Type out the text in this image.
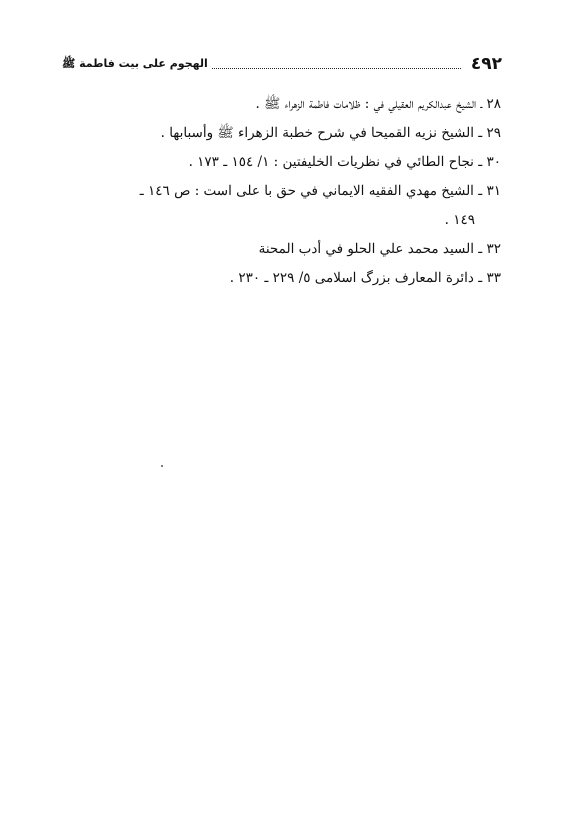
٤٩٢
الهجوم على بيت فاطمة ﷺ

٢٨ ـ الشيخ عبدالكريم العقيلي في : ظلامات فاطمة الزهراء ﷺ .

٢٩ ـ الشيخ نزيه القميحا في شرح خطبة الزهراء ﷺ وأسبابها .

٣٠ ـ نجاح الطائي في نظريات الخليفتين : ١/ ١٥٤ ـ ١٧٣ .

٣١ ـ الشيخ مهدي الفقيه الايماني في حق با على است : ص ١٤٦ ـ
١٤٩ .

٣٢ ـ السيد محمد علي الحلو في أدب المحنة

٣٣ ـ دائرة المعارف بزرگ اسلامی ٥/ ٢٢٩ ـ ٢٣٠ .
